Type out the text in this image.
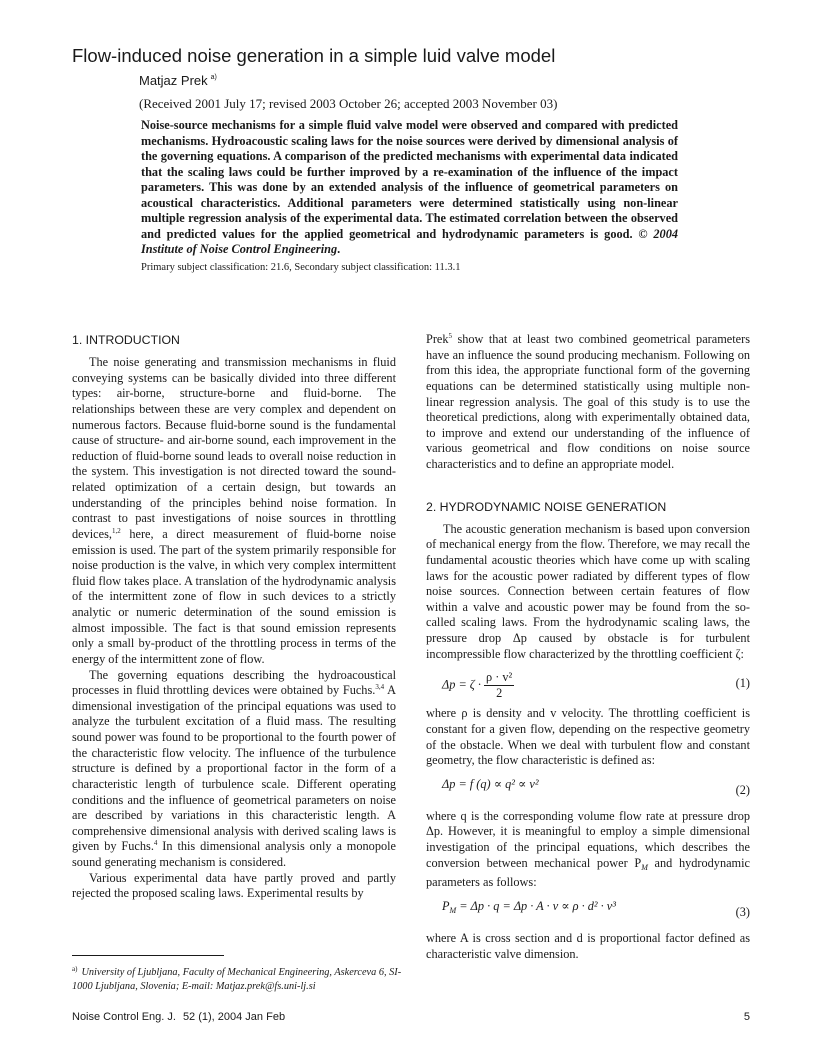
Flow-induced noise generation in a simple luid valve model
Matjaz Prek $^{a)}$
(Received 2001 July 17; revised 2003 October 26; accepted 2003 November 03)
Noise-source mechanisms for a simple fluid valve model were observed and compared with predicted mechanisms. Hydroacoustic scaling laws for the noise sources were derived by dimensional analysis of the governing equations. A comparison of the predicted mechanisms with experimental data indicated that the scaling laws could be further improved by a re-examination of the influence of the impact parameters. This was done by an extended analysis of the influence of geometrical parameters on acoustical characteristics. Additional parameters were determined statistically using non-linear multiple regression analysis of the experimental data. The estimated correlation between the observed and predicted values for the applied geometrical and hydrodynamic parameters is good. © 2004 Institute of Noise Control Engineering.
Primary subject classification: 21.6, Secondary subject classification: 11.3.1
1. INTRODUCTION

The noise generating and transmission mechanisms in fluid conveying systems can be basically divided into three different types: air-borne, structure-borne and fluid-borne. The relationships between these are very complex and dependent on numerous factors. Because fluid-borne sound is the fundamental cause of structure- and air-borne sound, each improvement in the reduction of fluid-borne sound leads to overall noise reduction in the system. This investigation is not directed toward the sound-related optimization of a certain design, but towards an understanding of the principles behind noise formation. In contrast to past investigations of noise sources in throttling devices,$^{1,2}$ here, a direct measurement of fluid-borne noise emission is used. The part of the system primarily responsible for noise production is the valve, in which very complex intermittent fluid flow takes place. A translation of the hydrodynamic analysis of the intermittent zone of flow in such devices to a strictly analytic or numeric determination of the sound emission is almost impossible. The fact is that sound emission represents only a small by-product of the throttling process in terms of the energy of the intermittent zone of flow.

The governing equations describing the hydroacoustical processes in fluid throttling devices were obtained by Fuchs.$^{3,4}$ A dimensional investigation of the principal equations was used to analyze the turbulent excitation of a fluid mass. The resulting sound power was found to be proportional to the fourth power of the characteristic flow velocity. The influence of the turbulence structure is defined by a proportional factor in the form of a characteristic length of turbulence scale. Different operating conditions and the influence of geometrical parameters on noise are described by variations in this characteristic length. A comprehensive dimensional analysis with derived scaling laws is given by Fuchs.$^4$ In this dimensional analysis only a monopole sound generating mechanism is considered.

Various experimental data have partly proved and partly rejected the proposed scaling laws. Experimental results by

Prek$^5$ show that at least two combined geometrical parameters have an influence the sound producing mechanism. Following on from this idea, the appropriate functional form of the governing equations can be determined statistically using multiple non-linear regression analysis. The goal of this study is to use the theoretical predictions, along with experimentally obtained data, to improve and extend our understanding of the influence of various geometrical and flow conditions on noise source characteristics and to define an appropriate model.

2. HYDRODYNAMIC NOISE GENERATION

The acoustic generation mechanism is based upon conversion of mechanical energy from the flow. Therefore, we may recall the fundamental acoustic theories which have come up with scaling laws for the acoustic power radiated by different types of flow noise sources. Connection between certain features of flow within a valve and acoustic power may be found from the so-called scaling laws. From the hydrodynamic scaling laws, the pressure drop Δp caused by obstacle is for turbulent incompressible flow characterized by the throttling coefficient ζ:

$\Delta p = \zeta \cdot \frac{\text{ρ · v²}}{2}$	(1)

where ρ is density and v velocity. The throttling coefficient is constant for a given flow, depending on the respective geometry of the obstacle. When we deal with turbulent flow and constant geometry, the flow characteristic is defined as:

Δp = f (q) ∝ q² ∝ v²	(2)

where q is the corresponding volume flow rate at pressure drop Δp. However, it is meaningful to employ a simple dimensional investigation of the principal equations, which describes the conversion between mechanical power $P_M$ and hydrodynamic parameters as follows:

$P_M = \Delta p \cdot q = \Delta p \cdot A \cdot v \propto \rho \cdot d^2 \cdot v^3$	(3)

where A is cross section and d is proportional factor defined as characteristic valve dimension.

$^{a)}$ University of Ljubljana, Faculty of Mechanical Engineering, Askerceva 6, SI-1000 Ljubljana, Slovenia; E-mail: Matjaz.prek@fs.uni-lj.si
Noise Control Eng. J. 52 (1), 2004 Jan Feb	5
